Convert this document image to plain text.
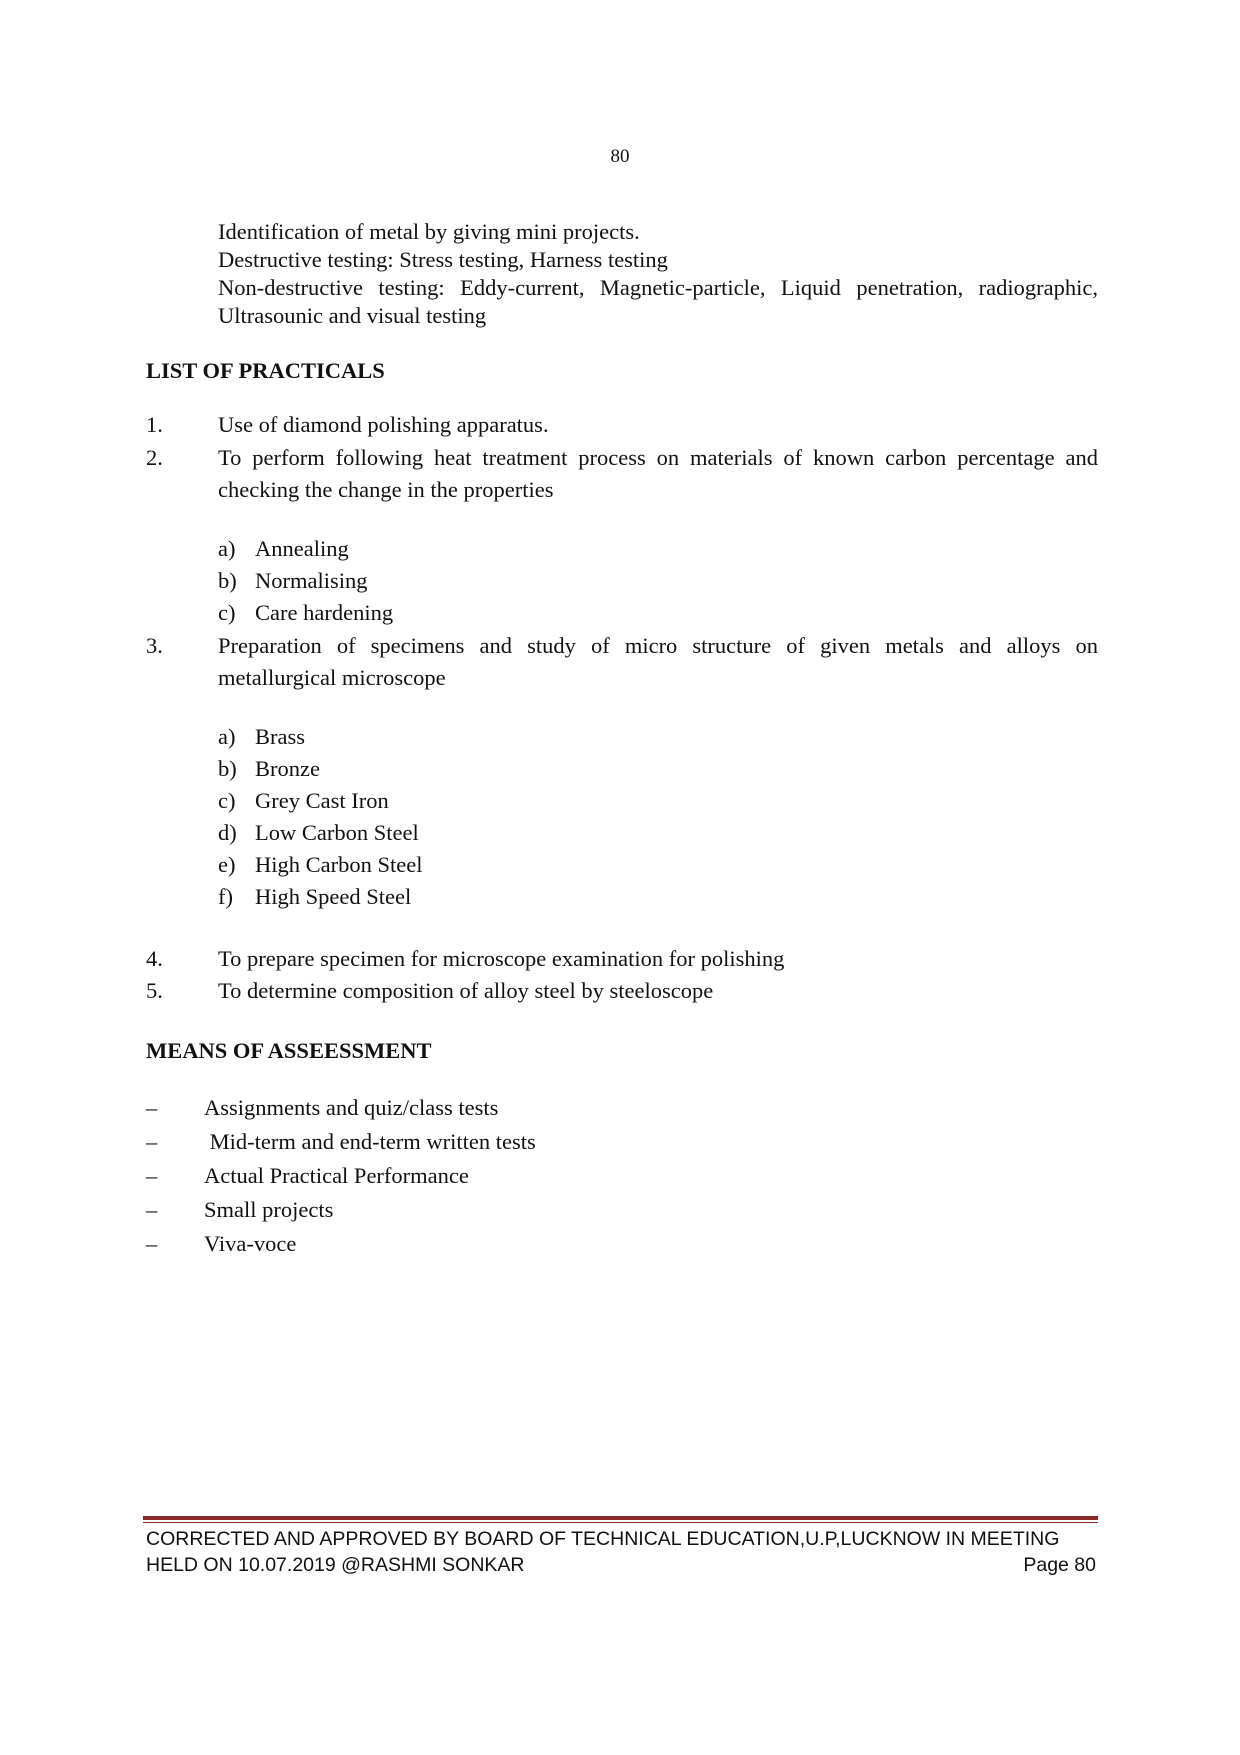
80

Identification of metal by giving mini projects.

Destructive testing: Stress testing, Harness testing

Non-destructive testing: Eddy-current, Magnetic-particle, Liquid penetration, radiographic, Ultrasounic and visual testing

LIST OF PRACTICALS
1. Use of diamond polishing apparatus.
2. To perform following heat treatment process on materials of known carbon percentage and checking the change in the properties
a) Annealing
b) Normalising
c) Care hardening
3. Preparation of specimens and study of micro structure of given metals and alloys on metallurgical microscope
a) Brass
b) Bronze
c) Grey Cast Iron
d) Low Carbon Steel
e) High Carbon Steel
f) High Speed Steel
4. To prepare specimen for microscope examination for polishing
5. To determine composition of alloy steel by steeloscope
MEANS OF ASSEESSMENT
– Assignments and quiz/class tests
– Mid-term and end-term written tests
– Actual Practical Performance
– Small projects
– Viva-voce
CORRECTED AND APPROVED BY BOARD OF TECHNICAL EDUCATION,U.P,LUCKNOW IN MEETING
HELD ON 10.07.2019 @RASHMI SONKAR	Page 80
